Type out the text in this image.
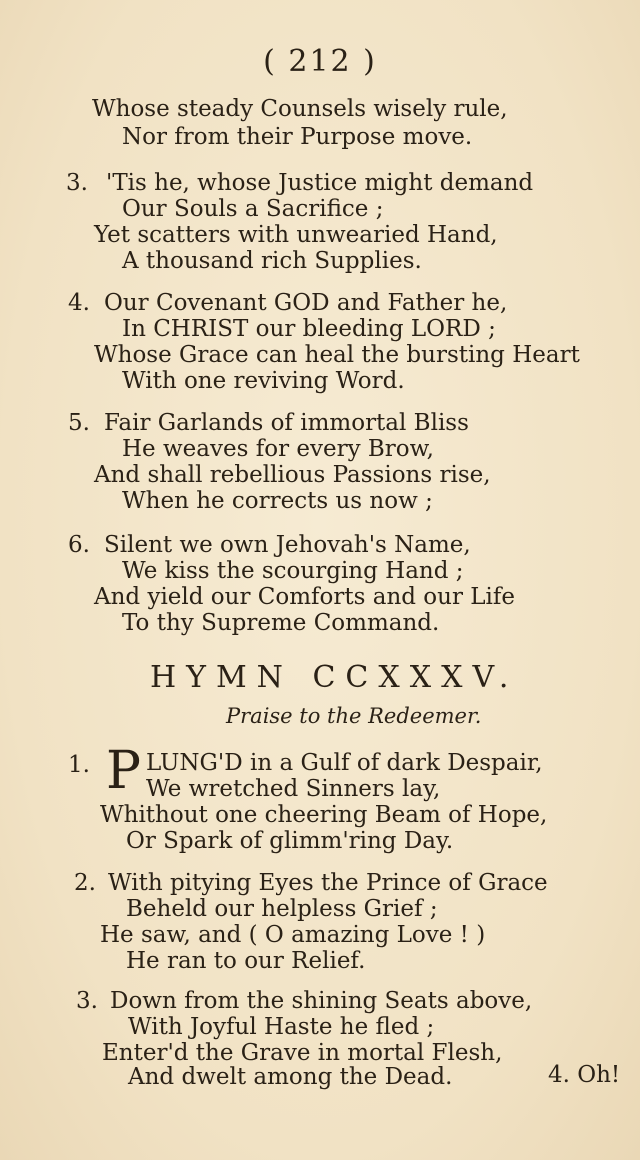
( 212 )
Whose steady Counsels wisely rule,
Nor from their Purpose move.
3. 'Tis he, whose Justice might demand
Our Souls a Sacrifice ;
Yet scatters with unwearied Hand,
A thousand rich Supplies.
4. Our Covenant GOD and Father he,
In CHRIST our bleeding LORD ;
Whose Grace can heal the bursting Heart
With one reviving Word.
5. Fair Garlands of immortal Bliss
He weaves for every Brow,
And shall rebellious Passions rise,
When he corrects us now ;
6. Silent we own Jehovah's Name,
We kiss the scourging Hand ;
And yield our Comforts and our Life
To thy Supreme Command.
HYMN CCXXXV.
Praise to the Redeemer.
1. P LUNG'D in a Gulf of dark Despair,
We wretched Sinners lay,
Whithout one cheering Beam of Hope,
Or Spark of glimm'ring Day.
2. With pitying Eyes the Prince of Grace
Beheld our helpless Grief ;
He saw, and ( O amazing Love ! )
He ran to our Relief.
3. Down from the shining Seats above,
With Joyful Haste he fled ;
Enter'd the Grave in mortal Flesh,
And dwelt among the Dead.	4. Oh!
